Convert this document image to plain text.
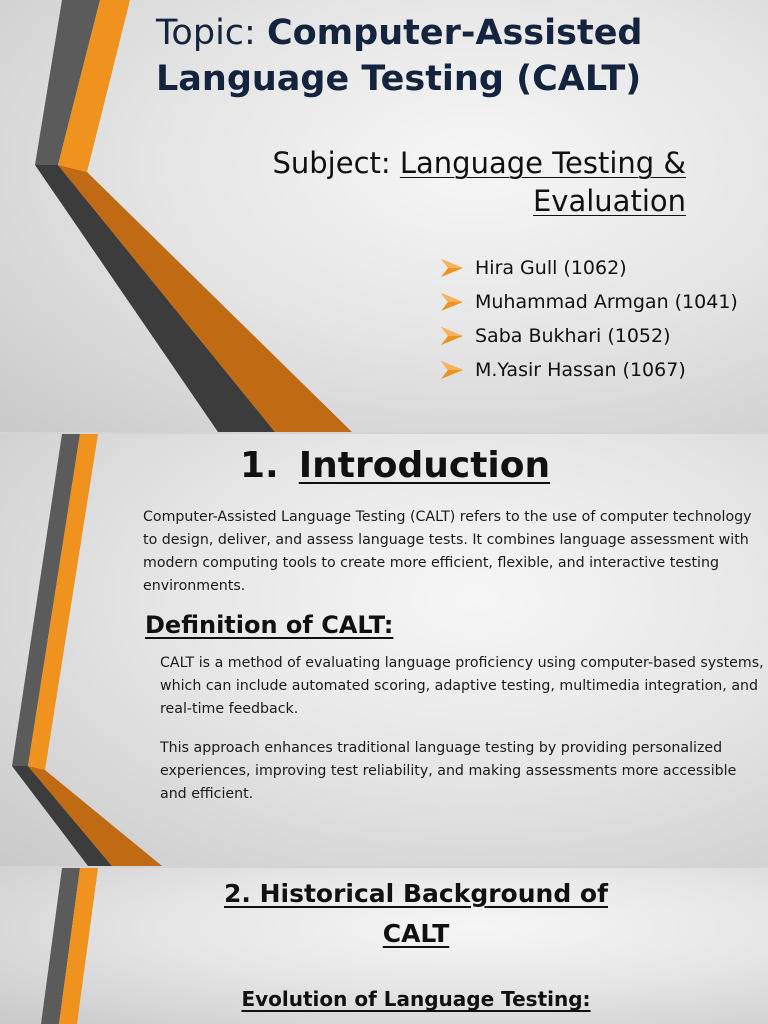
Topic: Computer-Assisted Language Testing (CALT)
Subject: Language Testing & Evaluation
Hira Gull (1062)
Muhammad Armgan (1041)
Saba Bukhari (1052)
M.Yasir Hassan (1067)
1. Introduction

Computer-Assisted Language Testing (CALT) refers to the use of computer technology to design, deliver, and assess language tests. It combines language assessment with modern computing tools to create more efficient, flexible, and interactive testing environments.

Definition of CALT:

CALT is a method of evaluating language proficiency using computer-based systems, which can include automated scoring, adaptive testing, multimedia integration, and real-time feedback.

This approach enhances traditional language testing by providing personalized experiences, improving test reliability, and making assessments more accessible and efficient.

2. Historical Background of
CALT
Evolution of Language Testing:
